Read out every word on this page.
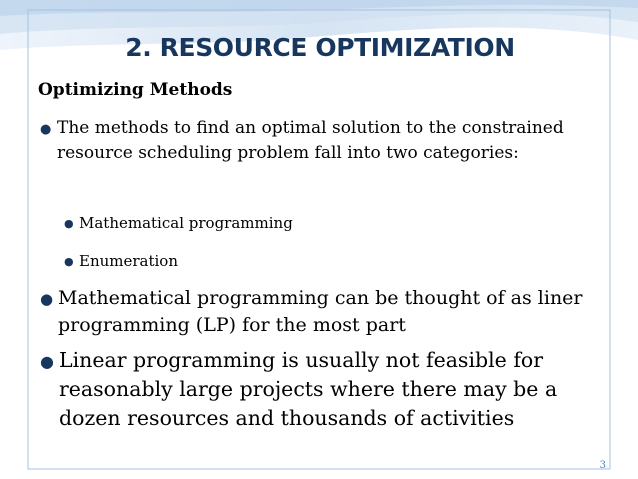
2. RESOURCE OPTIMIZATION
Optimizing Methods
● The methods to find an optimal solution to the constrained resource scheduling problem fall into two categories:
● Mathematical programming
● Enumeration
● Mathematical programming can be thought of as liner programming (LP) for the most part
● Linear programming is usually not feasible for reasonably large projects where there may be a dozen resources and thousands of activities
3
